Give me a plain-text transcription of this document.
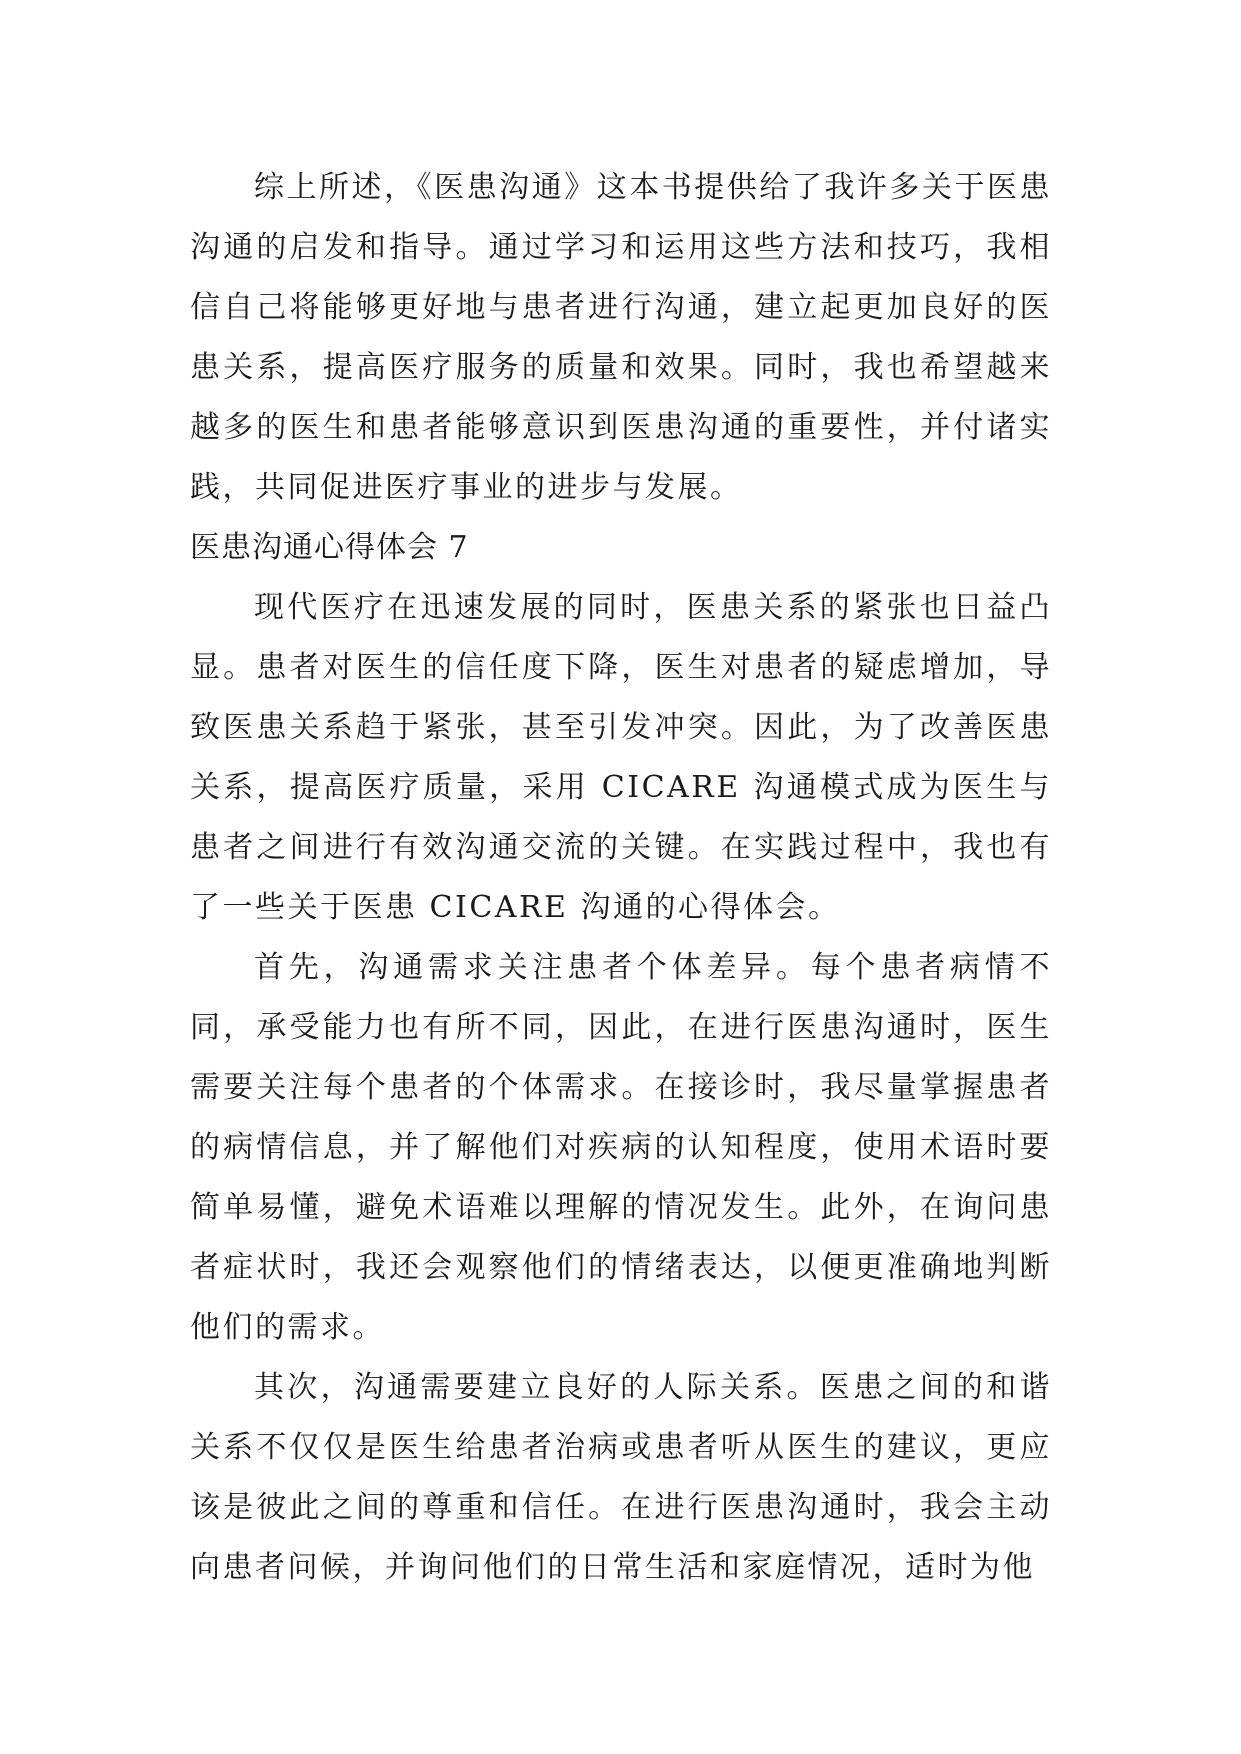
综上所述，《医患沟通》这本书提供给了我许多关于医患沟通的启发和指导。通过学习和运用这些方法和技巧，我相信自己将能够更好地与患者进行沟通，建立起更加良好的医患关系，提高医疗服务的质量和效果。同时，我也希望越来越多的医生和患者能够意识到医患沟通的重要性，并付诸实践，共同促进医疗事业的进步与发展。

医患沟通心得体会 7

现代医疗在迅速发展的同时，医患关系的紧张也日益凸显。患者对医生的信任度下降，医生对患者的疑虑增加，导致医患关系趋于紧张，甚至引发冲突。因此，为了改善医患关系，提高医疗质量，采用 CICARE 沟通模式成为医生与患者之间进行有效沟通交流的关键。在实践过程中，我也有了一些关于医患 CICARE 沟通的心得体会。

首先，沟通需求关注患者个体差异。每个患者病情不同，承受能力也有所不同，因此，在进行医患沟通时，医生需要关注每个患者的个体需求。在接诊时，我尽量掌握患者的病情信息，并了解他们对疾病的认知程度，使用术语时要简单易懂，避免术语难以理解的情况发生。此外，在询问患者症状时，我还会观察他们的情绪表达，以便更准确地判断他们的需求。

其次，沟通需要建立良好的人际关系。医患之间的和谐关系不仅仅是医生给患者治病或患者听从医生的建议，更应该是彼此之间的尊重和信任。在进行医患沟通时，我会主动向患者问候，并询问他们的日常生活和家庭情况，适时为他
